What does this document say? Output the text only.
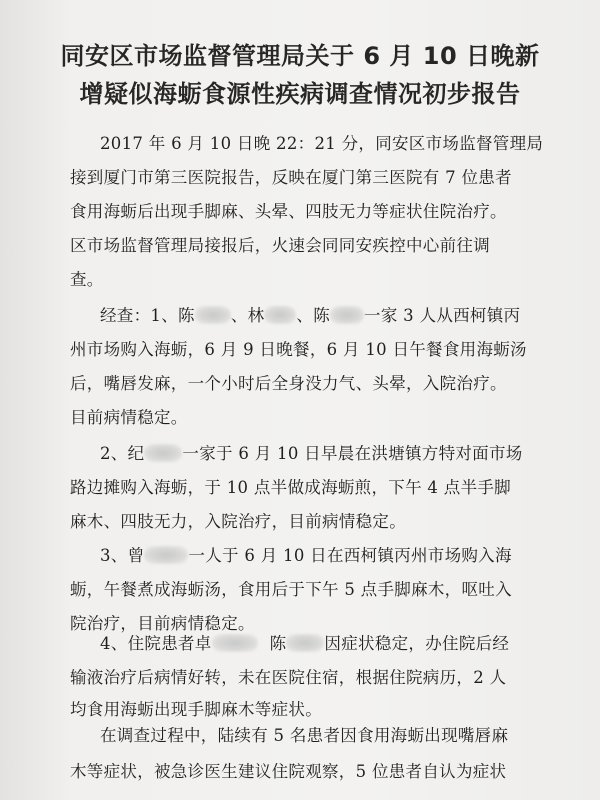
同安区市场监督管理局关于 6 月 10 日晚新
增疑似海蛎食源性疾病调查情况初步报告
2017 年 6 月 10 日晚 22：21 分，同安区市场监督管理局
接到厦门市第三医院报告，反映在厦门第三医院有 7 位患者
食用海蛎后出现手脚麻、头晕、四肢无力等症状住院治疗。
区市场监督管理局接报后，火速会同同安疾控中心前往调
查。
经查：1、陈 、林 、陈 一家 3 人从西柯镇丙
州市场购入海蛎，6 月 9 日晚餐，6 月 10 日午餐食用海蛎汤
后，嘴唇发麻，一个小时后全身没力气、头晕，入院治疗。
目前病情稳定。
2、纪 一家于 6 月 10 日早晨在洪塘镇方特对面市场
路边摊购入海蛎，于 10 点半做成海蛎煎，下午 4 点半手脚
麻木、四肢无力，入院治疗，目前病情稳定。
3、曾	一人于 6 月 10 日在西柯镇丙州市场购入海
蛎，午餐煮成海蛎汤，食用后于下午 5 点手脚麻木，呕吐入
院治疗，目前病情稳定。
4、住院患者卓	陈 因症状稳定，办住院后经
输液治疗后病情好转，未在医院住宿，根据住院病历，2 人
均食用海蛎出现手脚麻木等症状。
在调查过程中，陆续有 5 名患者因食用海蛎出现嘴唇麻
木等症状，被急诊医生建议住院观察，5 位患者自认为症状
